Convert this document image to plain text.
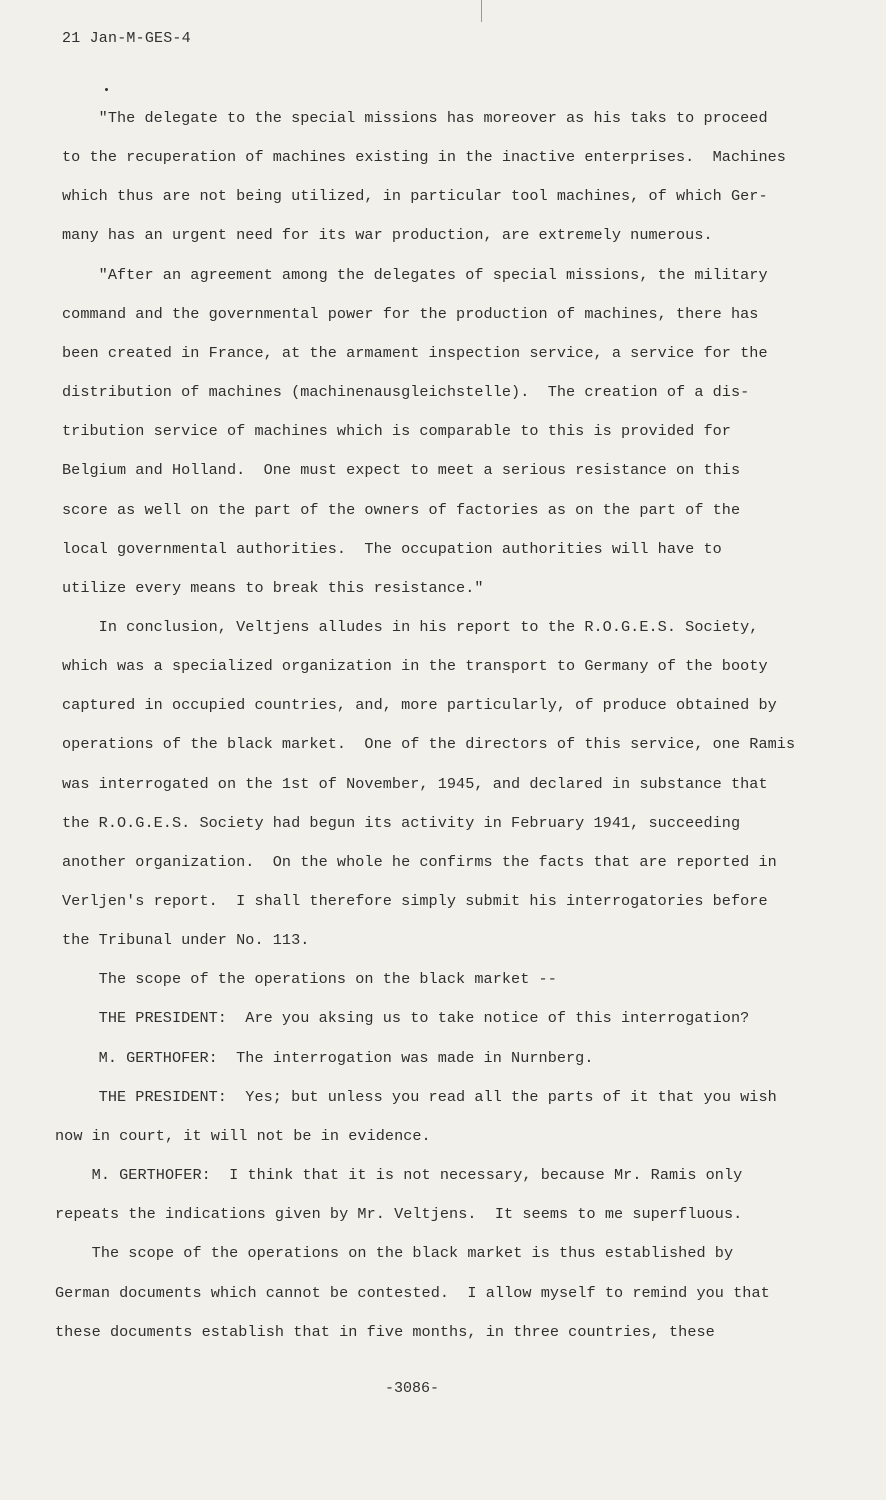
21 Jan-M-GES-4
"The delegate to the special missions has moreover as his taks to proceed
to the recuperation of machines existing in the inactive enterprises.  Machines
which thus are not being utilized, in particular tool machines, of which Ger-
many has an urgent need for its war production, are extremely numerous.
"After an agreement among the delegates of special missions, the military
command and the governmental power for the production of machines, there has
been created in France, at the armament inspection service, a service for the
distribution of machines (machinenausgleichstelle).  The creation of a dis-
tribution service of machines which is comparable to this is provided for
Belgium and Holland.  One must expect to meet a serious resistance on this
score as well on the part of the owners of factories as on the part of the
local governmental authorities.  The occupation authorities will have to
utilize every means to break this resistance."
In conclusion, Veltjens alludes in his report to the R.O.G.E.S. Society,
which was a specialized organization in the transport to Germany of the booty
captured in occupied countries, and, more particularly, of produce obtained by
operations of the black market.  One of the directors of this service, one Ramis
was interrogated on the 1st of November, 1945, and declared in substance that
the R.O.G.E.S. Society had begun its activity in February 1941, succeeding
another organization.  On the whole he confirms the facts that are reported in
Verljen's report.  I shall therefore simply submit his interrogatories before
the Tribunal under No. 113.
The scope of the operations on the black market --
THE PRESIDENT:  Are you aksing us to take notice of this interrogation?
M. GERTHOFER:  The interrogation was made in Nurnberg.
THE PRESIDENT:  Yes; but unless you read all the parts of it that you wish
now in court, it will not be in evidence.
M. GERTHOFER:  I think that it is not necessary, because Mr. Ramis only
repeats the indications given by Mr. Veltjens.  It seems to me superfluous.
The scope of the operations on the black market is thus established by
German documents which cannot be contested.  I allow myself to remind you that
these documents establish that in five months, in three countries, these
-3086-
